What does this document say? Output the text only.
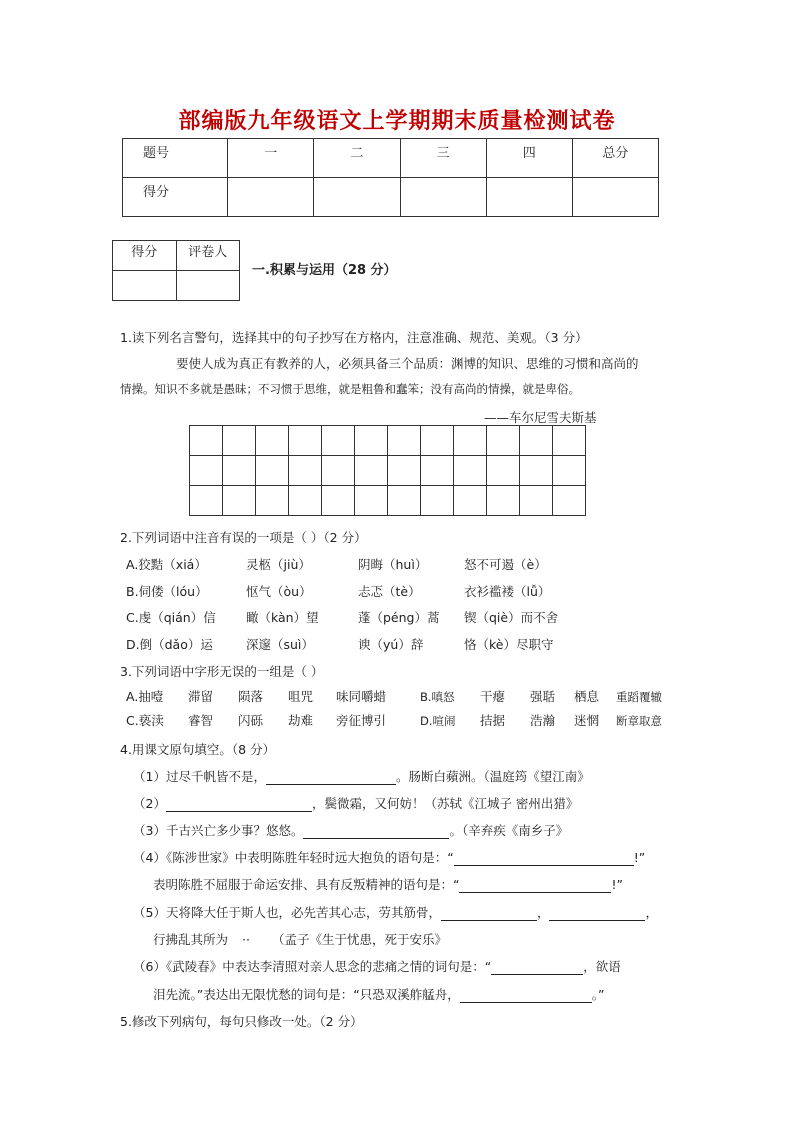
部编版九年级语文上学期期末质量检测试卷
题号	一	二	三	四	总分
得分					
得分	评卷人

一.积累与运用（28 分）
1.读下列名言警句，选择其中的句子抄写在方格内，注意准确、规范、美观。（3 分）
要使人成为真正有教养的人，必须具备三个品质：渊博的知识、思维的习惯和高尚的
情操。知识不多就是愚昧；不习惯于思维，就是粗鲁和蠢笨；没有高尚的情操，就是卑俗。
——车尔尼雪夫斯基

2.下列词语中注音有误的一项是（ ）（2 分）
A.狡黠（xiá）	灵柩（jiù）	阴晦（huì）	怒不可遏（è）
B.伺偻（lóu）	怄气（òu）	忐忑（tè）	衣衫褴褛（lǚ）
C.虔（qián）信 瞰（kàn）望	蓬（péng）蒿 锲（qiè）而不舍
D.倒（dǎo）运	深邃（suì）	谀（yú）辞	恪（kè）尽职守
3.下列词语中字形无误的一组是（ ）
A.抽噎 滞留 陨落 咀咒 味同嚼蜡	B.嗔怒 干瘪 强聒 栖息 重蹈覆辙
C.亵渎 睿智 闪砾 劫难 旁征博引	D.喧闹 拮据 浩瀚 迷惘 断章取意
4.用课文原句填空。（8 分）
（1）过尽千帆皆不是，	。肠断白蘋洲。（温庭筠《望江南》
（2）	，鬓微霜，又何妨！（苏轼《江城子 密州出猎》
（3）千古兴亡多少事？悠悠。	。（辛弃疾《南乡子》
（4）《陈涉世家》中表明陈胜年轻时远大抱负的语句是：“	!”
表明陈胜不屈服于命运安排、具有反叛精神的语句是：“	!”
（5）天将降大任于斯人也，必先苦其心志，劳其筋骨，	，	，
行拂乱其所为 ·· （孟子《生于忧患，死于安乐》
（6）《武陵春》中表达李清照对亲人思念的悲痛之情的词句是：“	，欲语
泪先流。”表达出无限忧愁的词句是：“只恐双溪舴艋舟，	。”
5.修改下列病句，每句只修改一处。（2 分）
